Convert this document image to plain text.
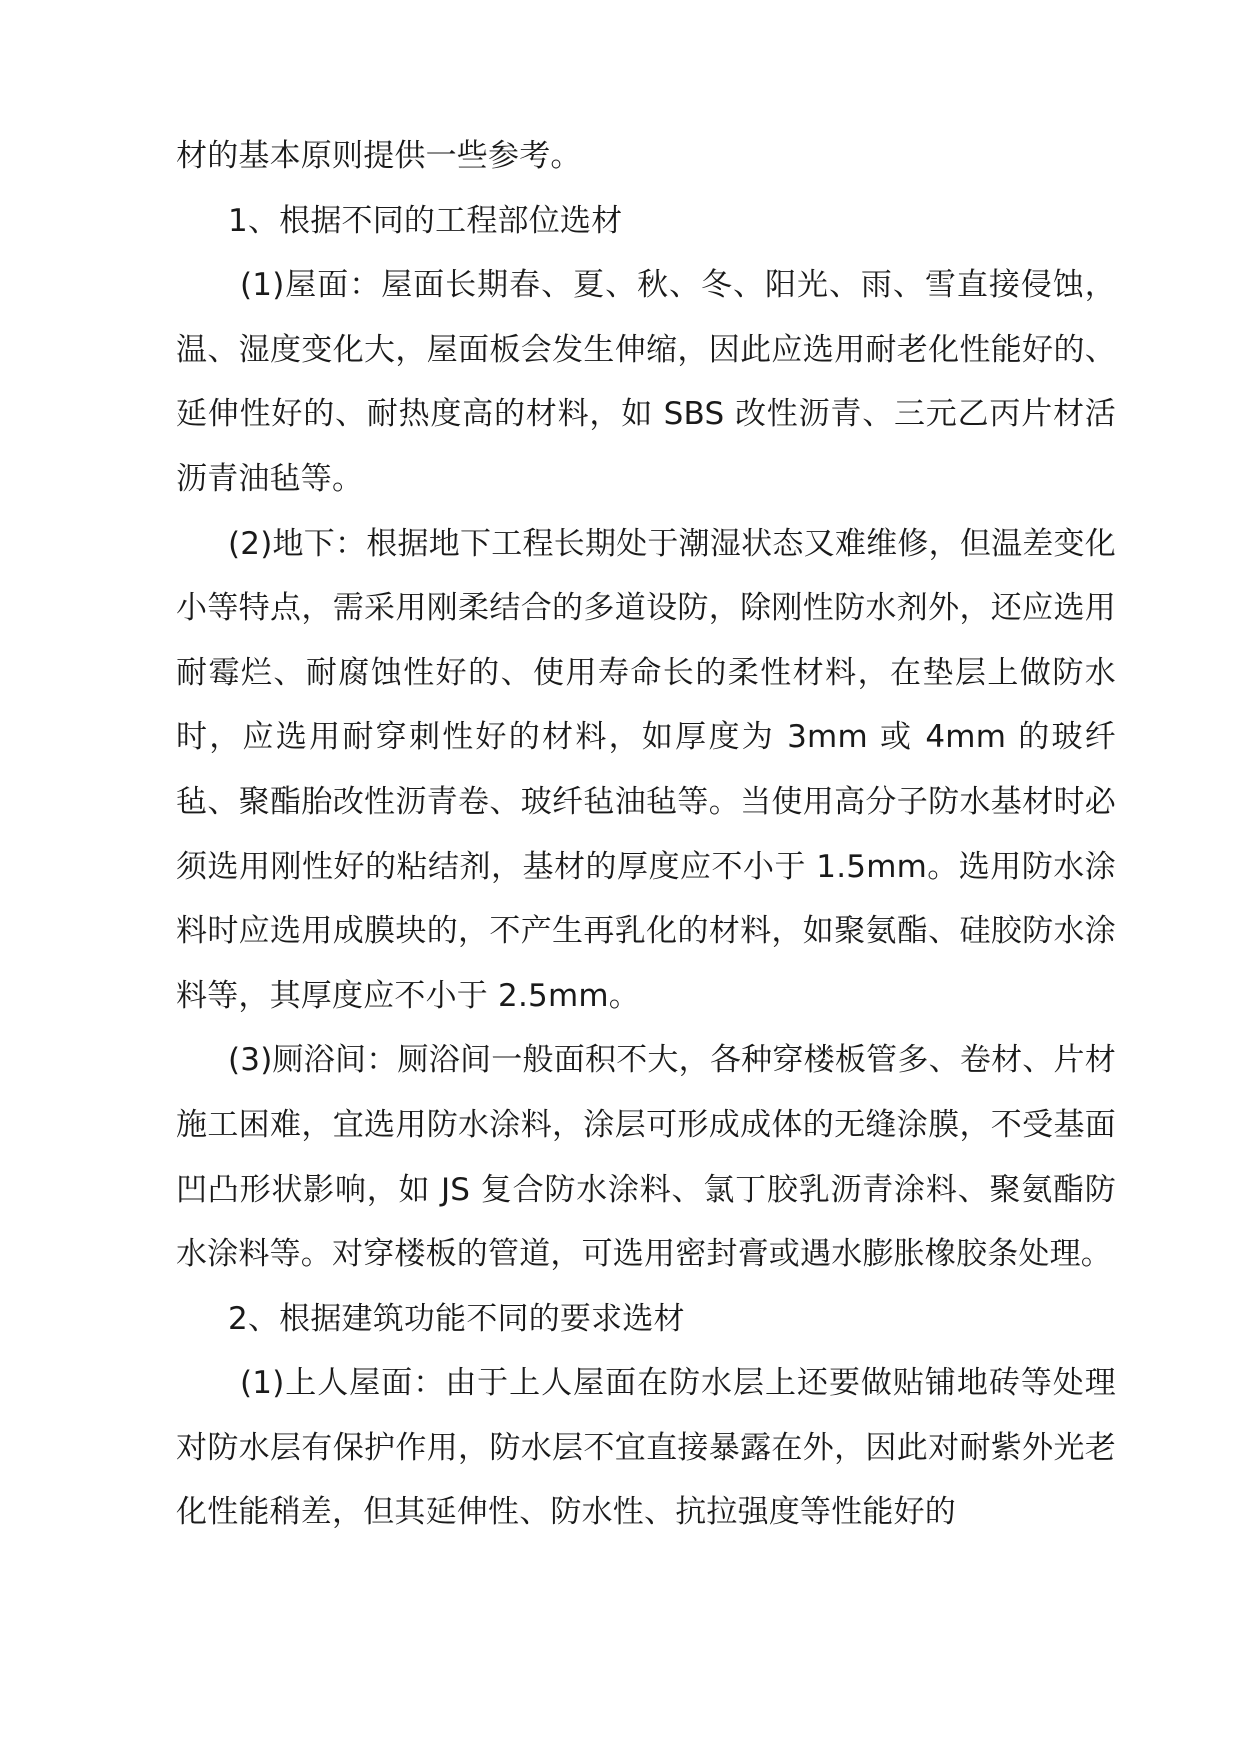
材的基本原则提供一些参考。

1、根据不同的工程部位选材

(1)屋面：屋面长期春、夏、秋、冬、阳光、雨、雪直接侵蚀，温、湿度变化大，屋面板会发生伸缩，因此应选用耐老化性能好的、延伸性好的、耐热度高的材料，如 SBS 改性沥青、三元乙丙片材活沥青油毡等。

(2)地下：根据地下工程长期处于潮湿状态又难维修，但温差变化小等特点，需采用刚柔结合的多道设防，除刚性防水剂外，还应选用耐霉烂、耐腐蚀性好的、使用寿命长的柔性材料，在垫层上做防水时，应选用耐穿刺性好的材料，如厚度为 3mm 或 4mm 的玻纤毡、聚酯胎改性沥青卷、玻纤毡油毡等。当使用高分子防水基材时必须选用刚性好的粘结剂，基材的厚度应不小于 1.5mm。选用防水涂料时应选用成膜块的，不产生再乳化的材料，如聚氨酯、硅胶防水涂料等，其厚度应不小于 2.5mm。

(3)厕浴间：厕浴间一般面积不大，各种穿楼板管多、卷材、片材施工困难，宜选用防水涂料，涂层可形成成体的无缝涂膜，不受基面凹凸形状影响，如 JS 复合防水涂料、氯丁胶乳沥青涂料、聚氨酯防水涂料等。对穿楼板的管道，可选用密封膏或遇水膨胀橡胶条处理。

2、根据建筑功能不同的要求选材

(1)上人屋面：由于上人屋面在防水层上还要做贴铺地砖等处理对防水层有保护作用，防水层不宜直接暴露在外，因此对耐紫外光老化性能稍差，但其延伸性、防水性、抗拉强度等性能好的
